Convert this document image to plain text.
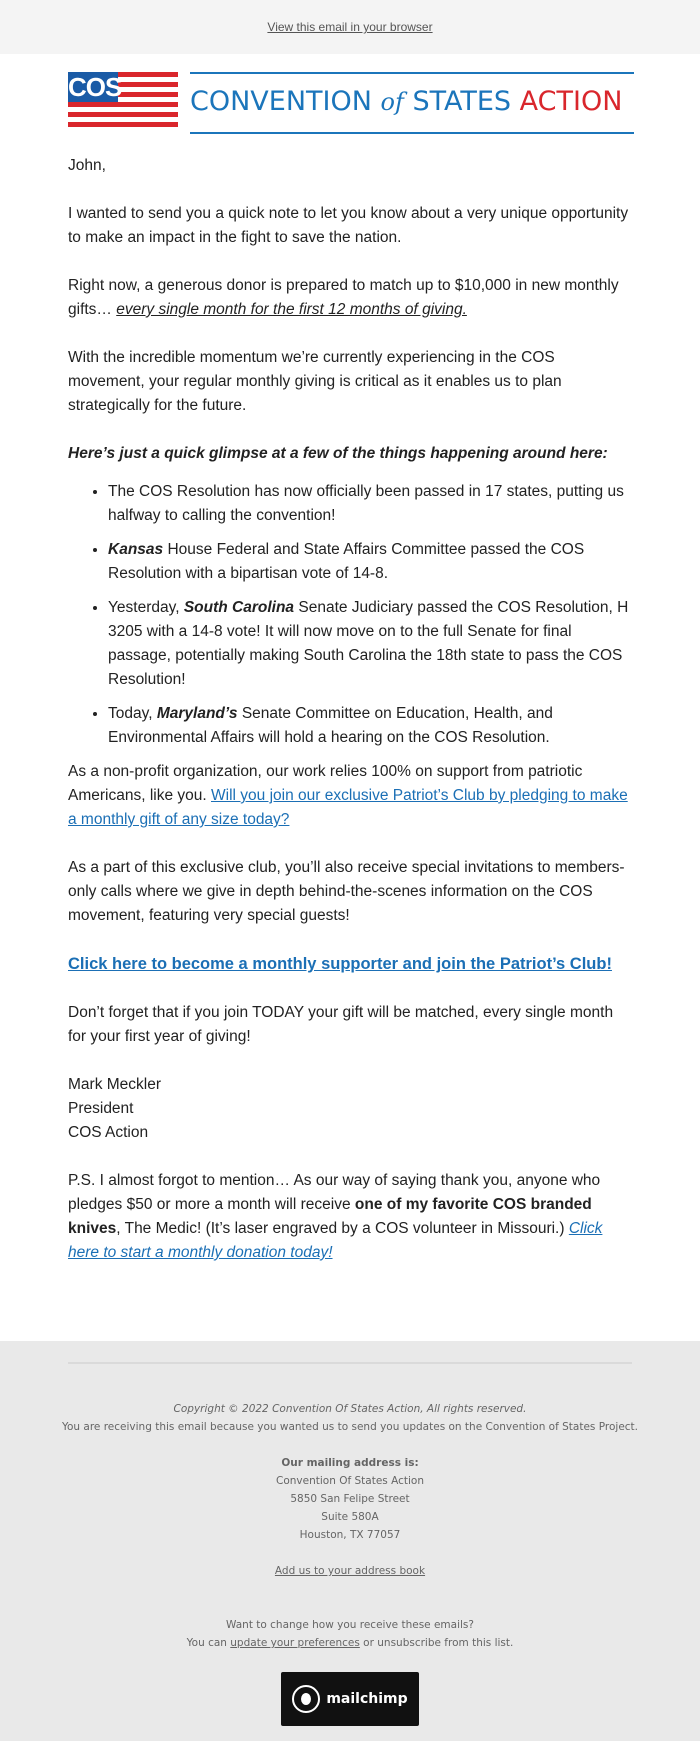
View this email in your browser
COS	CONVENTION of STATES ACTION

John,

I wanted to send you a quick note to let you know about a very unique opportunity to make an impact in the fight to save the nation.

Right now, a generous donor is prepared to match up to $10,000 in new monthly gifts… every single month for the first 12 months of giving.

With the incredible momentum we’re currently experiencing in the COS movement, your regular monthly giving is critical as it enables us to plan strategically for the future.

Here’s just a quick glimpse at a few of the things happening around here:

• The COS Resolution has now officially been passed in 17 states, putting us halfway to calling the convention!
• Kansas House Federal and State Affairs Committee passed the COS Resolution with a bipartisan vote of 14-8.
• Yesterday, South Carolina Senate Judiciary passed the COS Resolution, H 3205 with a 14-8 vote! It will now move on to the full Senate for final passage, potentially making South Carolina the 18th state to pass the COS Resolution!
• Today, Maryland’s Senate Committee on Education, Health, and Environmental Affairs will hold a hearing on the COS Resolution.

As a non-profit organization, our work relies 100% on support from patriotic Americans, like you. Will you join our exclusive Patriot’s Club by pledging to make a monthly gift of any size today?

As a part of this exclusive club, you’ll also receive special invitations to members-only calls where we give in depth behind-the-scenes information on the COS movement, featuring very special guests!

Click here to become a monthly supporter and join the Patriot’s Club!

Don’t forget that if you join TODAY your gift will be matched, every single month for your first year of giving!

Mark Meckler

President

COS Action

P.S. I almost forgot to mention… As our way of saying thank you, anyone who pledges $50 or more a month will receive one of my favorite COS branded knives, The Medic! (It’s laser engraved by a COS volunteer in Missouri.) Click here to start a monthly donation today!

Copyright © 2022 Convention Of States Action, All rights reserved.
You are receiving this email because you wanted us to send you updates on the Convention of States Project.
Our mailing address is:
Convention Of States Action
5850 San Felipe Street
Suite 580A
Houston, TX 77057
Add us to your address book
Want to change how you receive these emails?
You can update your preferences or unsubscribe from this list.
mailchimp
